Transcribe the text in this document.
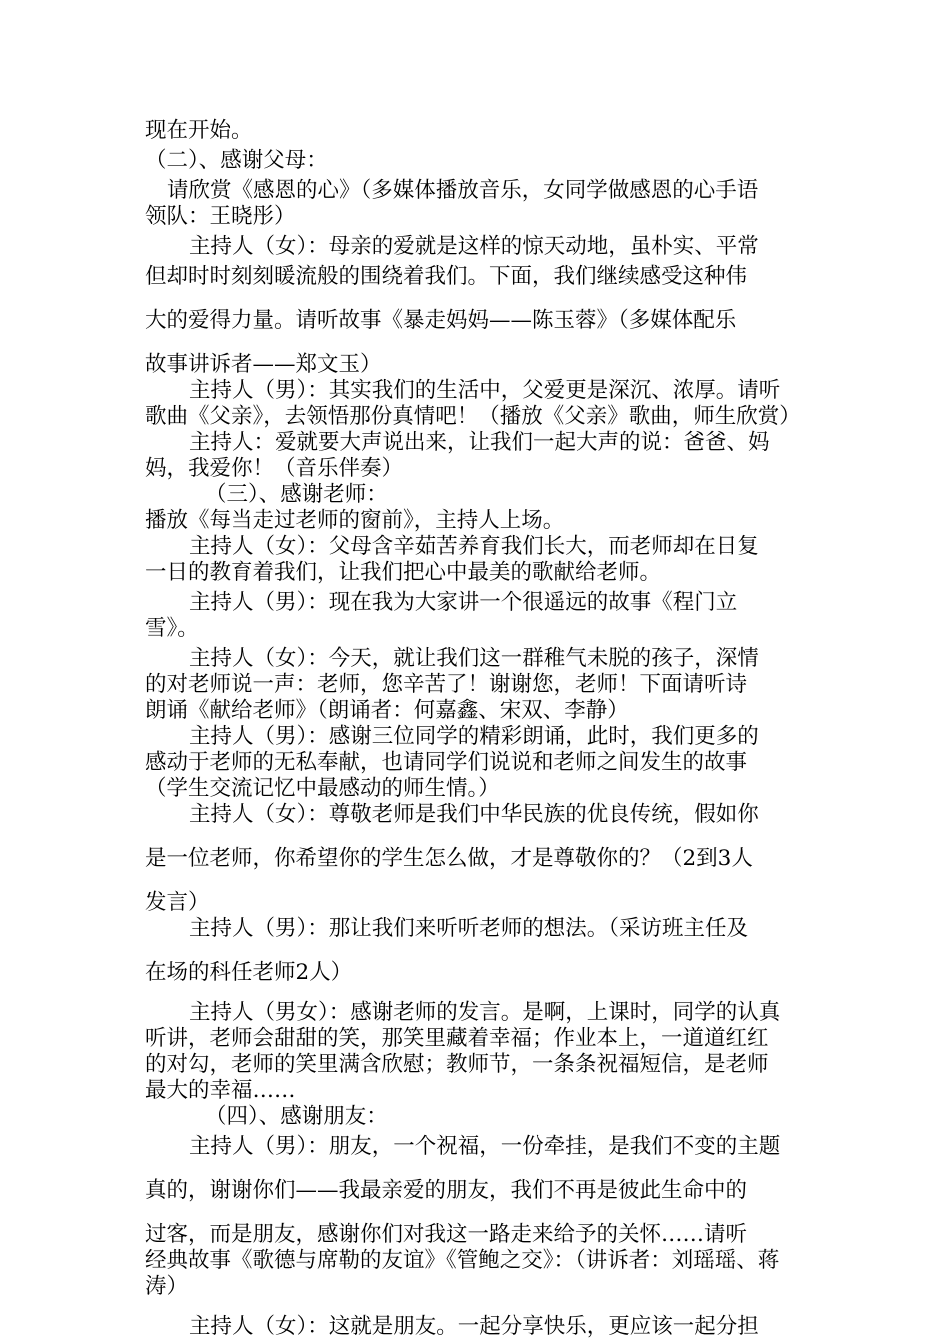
现在开始。

（二）、感谢父母：

请欣赏《感恩的心》（多媒体播放音乐，女同学做感恩的心手语

领队：王晓彤）

主持人（女）：母亲的爱就是这样的惊天动地，虽朴实、平常

但却时时刻刻暖流般的围绕着我们。下面，我们继续感受这种伟

大的爱得力量。请听故事《暴走妈妈——陈玉蓉》（多媒体配乐

故事讲诉者——郑文玉）

主持人（男）：其实我们的生活中，父爱更是深沉、浓厚。请听

歌曲《父亲》，去领悟那份真情吧！（播放《父亲》歌曲，师生欣赏）

主持人：爱就要大声说出来，让我们一起大声的说：爸爸、妈

妈，我爱你！（音乐伴奏）

（三）、感谢老师：

播放《每当走过老师的窗前》，主持人上场。

主持人（女）：父母含辛茹苦养育我们长大，而老师却在日复

一日的教育着我们，让我们把心中最美的歌献给老师。

主持人（男）：现在我为大家讲一个很遥远的故事《程门立

雪》。

主持人（女）：今天，就让我们这一群稚气未脱的孩子，深情

的对老师说一声：老师，您辛苦了！谢谢您，老师！下面请听诗

朗诵《献给老师》（朗诵者：何嘉鑫、宋双、李静）

主持人（男）：感谢三位同学的精彩朗诵，此时，我们更多的

感动于老师的无私奉献，也请同学们说说和老师之间发生的故事

（学生交流记忆中最感动的师生情。）

主持人（女）：尊敬老师是我们中华民族的优良传统，假如你

是一位老师，你希望你的学生怎么做，才是尊敬你的？（2到3人

发言）

主持人（男）：那让我们来听听老师的想法。（采访班主任及

在场的科任老师2人）

主持人（男女）：感谢老师的发言。是啊，上课时，同学的认真

听讲，老师会甜甜的笑，那笑里藏着幸福；作业本上，一道道红红

的对勾，老师的笑里满含欣慰；教师节，一条条祝福短信，是老师

最大的幸福……

（四）、感谢朋友：

主持人（男）：朋友，一个祝福，一份牵挂，是我们不变的主题

真的，谢谢你们——我最亲爱的朋友，我们不再是彼此生命中的

过客，而是朋友，感谢你们对我这一路走来给予的关怀……请听

经典故事《歌德与席勒的友谊》《管鲍之交》：（讲诉者：刘瑶瑶、蒋

涛）

主持人（女）：这就是朋友。一起分享快乐，更应该一起分担
